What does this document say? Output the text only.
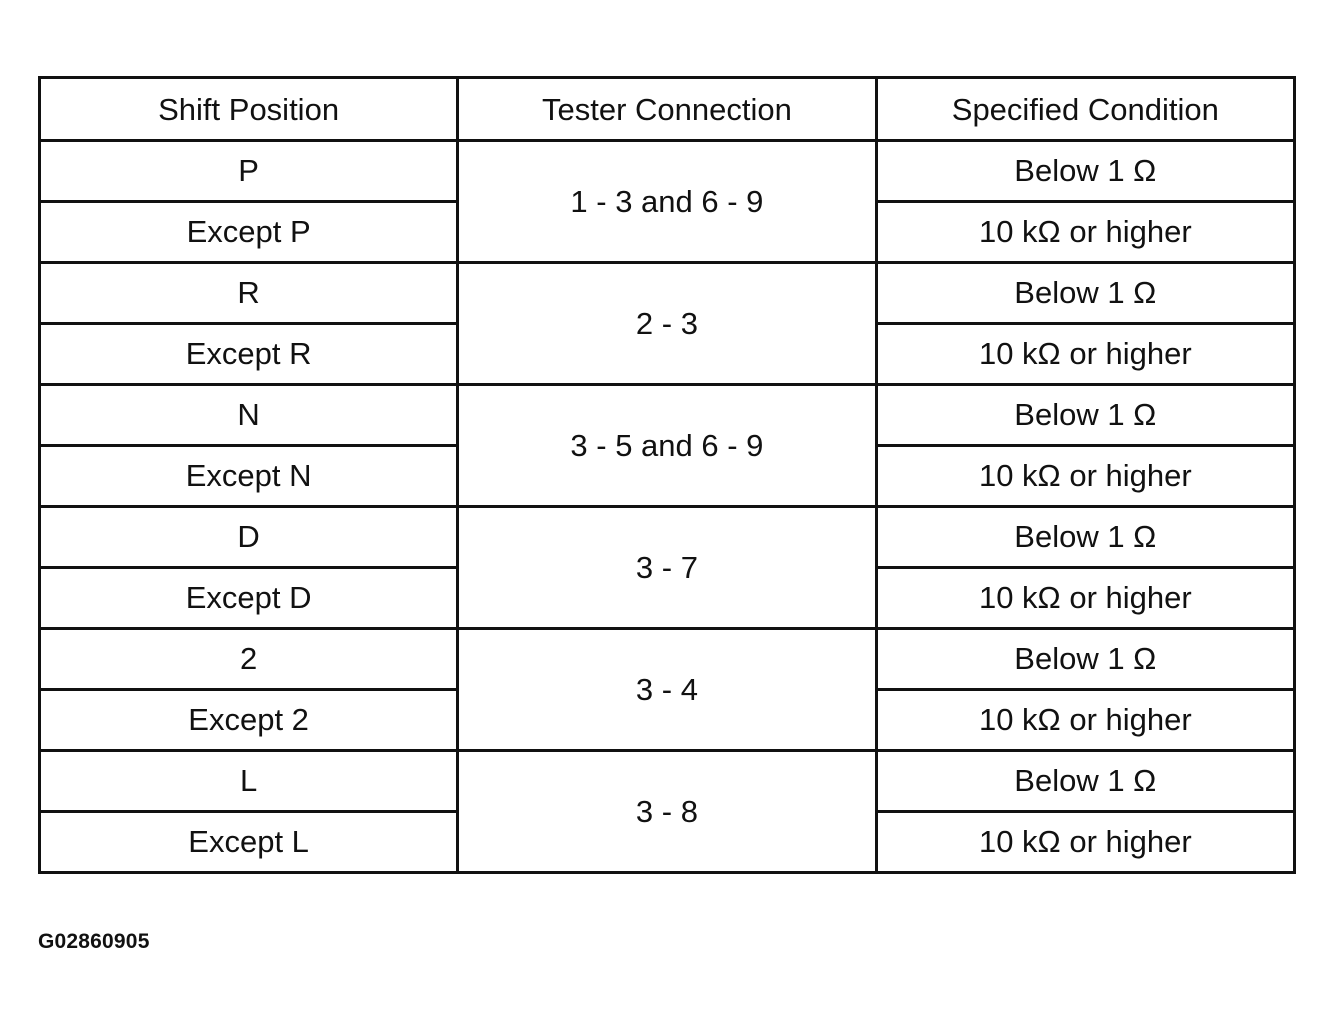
Shift Position	Tester Connection	Specified Condition
P	1 - 3 and 6 - 9	Below 1 Ω
Except P		10 kΩ or higher
R	2 - 3	Below 1 Ω
Except R		10 kΩ or higher
N	3 - 5 and 6 - 9	Below 1 Ω
Except N		10 kΩ or higher
D	3 - 7	Below 1 Ω
Except D		10 kΩ or higher
2	3 - 4	Below 1 Ω
Except 2		10 kΩ or higher
L	3 - 8	Below 1 Ω
Except L		10 kΩ or higher
G02860905
